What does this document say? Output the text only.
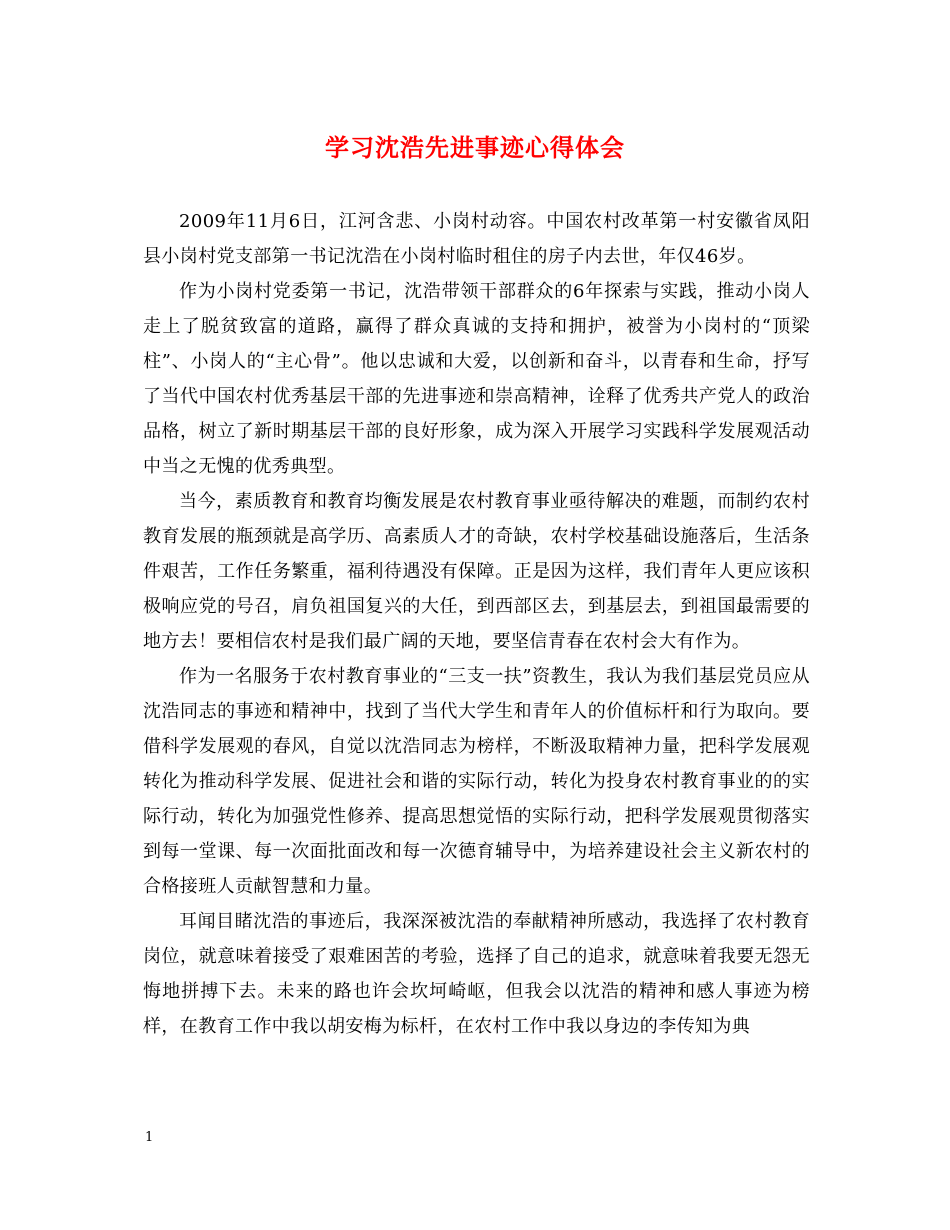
学习沈浩先进事迹心得体会

2009年11月6日，江河含悲、小岗村动容。中国农村改革第一村安徽省凤阳县小岗村党支部第一书记沈浩在小岗村临时租住的房子内去世，年仅46岁。

作为小岗村党委第一书记，沈浩带领干部群众的6年探索与实践，推动小岗人走上了脱贫致富的道路，赢得了群众真诚的支持和拥护，被誉为小岗村的“顶梁柱”、小岗人的“主心骨”。他以忠诚和大爱，以创新和奋斗，以青春和生命，抒写了当代中国农村优秀基层干部的先进事迹和崇高精神，诠释了优秀共产党人的政治品格，树立了新时期基层干部的良好形象，成为深入开展学习实践科学发展观活动中当之无愧的优秀典型。

当今，素质教育和教育均衡发展是农村教育事业亟待解决的难题，而制约农村教育发展的瓶颈就是高学历、高素质人才的奇缺，农村学校基础设施落后，生活条件艰苦，工作任务繁重，福利待遇没有保障。正是因为这样，我们青年人更应该积极响应党的号召，肩负祖国复兴的大任，到西部区去，到基层去，到祖国最需要的地方去！要相信农村是我们最广阔的天地，要坚信青春在农村会大有作为。

作为一名服务于农村教育事业的“三支一扶”资教生，我认为我们基层党员应从沈浩同志的事迹和精神中，找到了当代大学生和青年人的价值标杆和行为取向。要借科学发展观的春风，自觉以沈浩同志为榜样，不断汲取精神力量，把科学发展观转化为推动科学发展、促进社会和谐的实际行动，转化为投身农村教育事业的的实际行动，转化为加强党性修养、提高思想觉悟的实际行动，把科学发展观贯彻落实到每一堂课、每一次面批面改和每一次德育辅导中，为培养建设社会主义新农村的合格接班人贡献智慧和力量。

耳闻目睹沈浩的事迹后，我深深被沈浩的奉献精神所感动，我选择了农村教育岗位，就意味着接受了艰难困苦的考验，选择了自己的追求，就意味着我要无怨无悔地拼搏下去。未来的路也许会坎坷崎岖，但我会以沈浩的精神和感人事迹为榜样，在教育工作中我以胡安梅为标杆，在农村工作中我以身边的李传知为典

1
